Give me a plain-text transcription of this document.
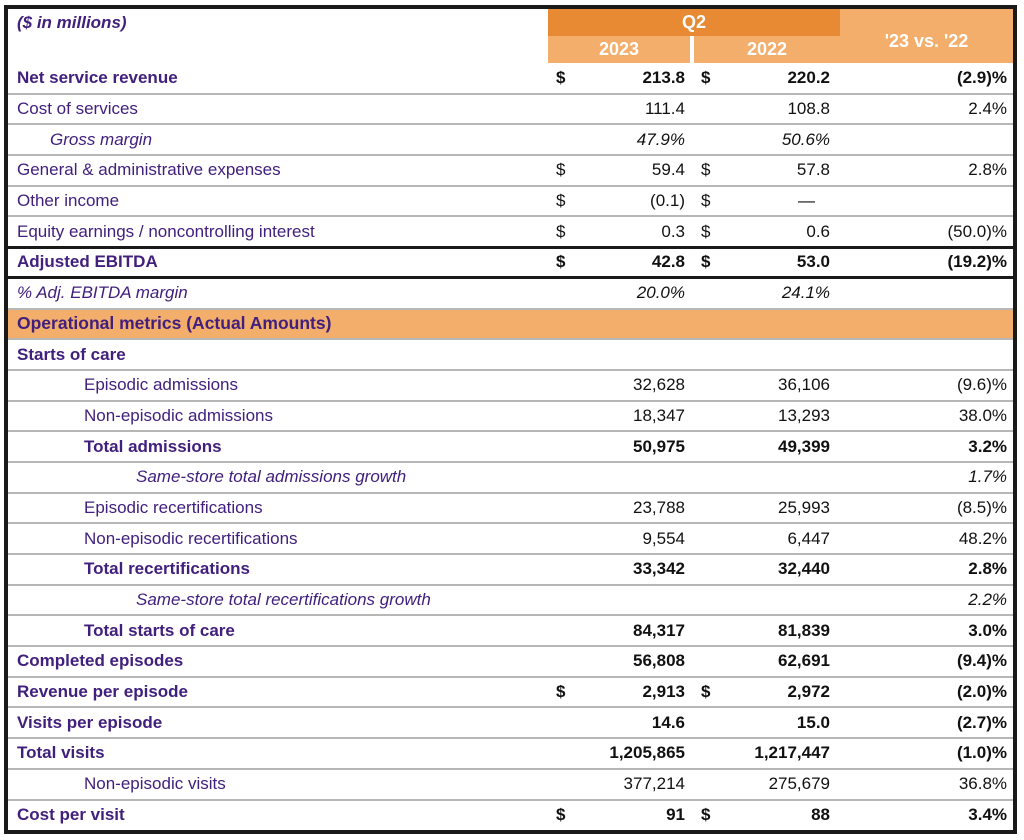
($ in millions)	Q2		'23 vs. '22
	2023	2022	
Net service revenue	$ 213.8	$ 220.2	(2.9)%
Cost of services	111.4	108.8	2.4%
Gross margin	47.9%	50.6%	

General & administrative expenses	$ 59.4	$ 57.8	2.8%
Other income	$ (0.1)	$ —	

Equity earnings / noncontrolling interest	$ 0.3	$ 0.6	(50.0)%
Adjusted EBITDA	$ 42.8	$ 53.0	(19.2)%
% Adj. EBITDA margin	20.0%	24.1%	

Operational metrics (Actual Amounts)			
Starts of care	

Episodic admissions	32,628	36,106	(9.6)%
Non-episodic admissions	18,347	13,293	38.0%
Total admissions	50,975	49,399	3.2%
Same-store total admissions growth			1.7%
Episodic recertifications	23,788	25,993	(8.5)%
Non-episodic recertifications	9,554	6,447	48.2%
Total recertifications	33,342	32,440	2.8%
Same-store total recertifications growth			2.2%
Total starts of care	84,317	81,839	3.0%
Completed episodes	56,808	62,691	(9.4)%
Revenue per episode	$ 2,913	$ 2,972	(2.0)%
Visits per episode	14.6	15.0	(2.7)%
Total visits	1,205,865	1,217,447	(1.0)%
Non-episodic visits	377,214	275,679	36.8%
Cost per visit	$ 91	$ 88	3.4%
